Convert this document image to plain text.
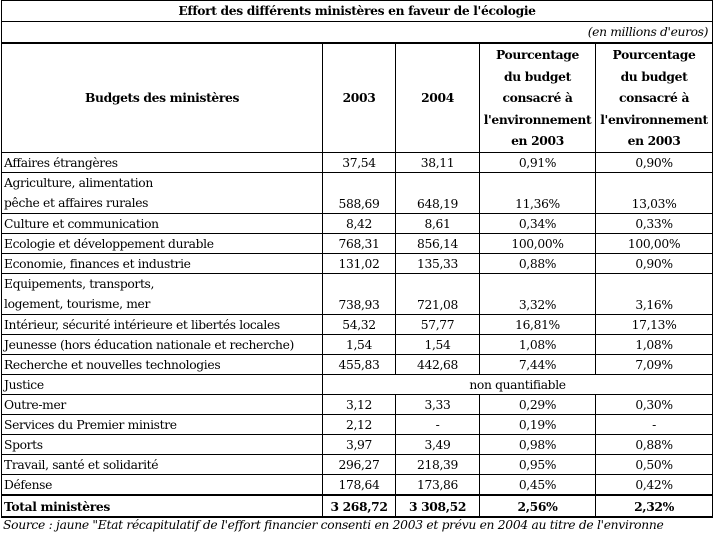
Effort des différents ministères en faveur de l'écologie				
(en millions d'euros)				
Budgets des ministères	2003	2004	Pourcentage
du budget
consacré à
l'environnement
en 2003	Pourcentage
du budget
consacré à
l'environnement
en 2003

Affaires étrangères	37,54	38,11	0,91%	0,90%

Agriculture, alimentation
pêche et affaires rurales	588,69	648,19	11,36%	13,03%

Culture et communication	8,42	8,61	0,34%	0,33%

Ecologie et développement durable	768,31	856,14	100,00%	100,00%

Economie, finances et industrie	131,02	135,33	0,88%	0,90%

Equipements, transports,
logement, tourisme, mer	738,93	721,08	3,32%	3,16%

Intérieur, sécurité intérieure et libertés locales	54,32	57,77	16,81%	17,13%

Jeunesse (hors éducation nationale et recherche)	1,54	1,54	1,08%	1,08%

Recherche et nouvelles technologies	455,83	442,68	7,44%	7,09%

Justice	non quantifiable			

Outre-mer	3,12	3,33	0,29%	0,30%

Services du Premier ministre	2,12	-	0,19%	-

Sports	3,97	3,49	0,98%	0,88%

Travail, santé et solidarité	296,27	218,39	0,95%	0,50%

Défense	178,64	173,86	0,45%	0,42%
Total ministères	3 268,72	3 308,52	2,56%	2,32%
Source : jaune "Etat récapitulatif de l'effort financier consenti en 2003 et prévu en 2004 au titre de l'environne
